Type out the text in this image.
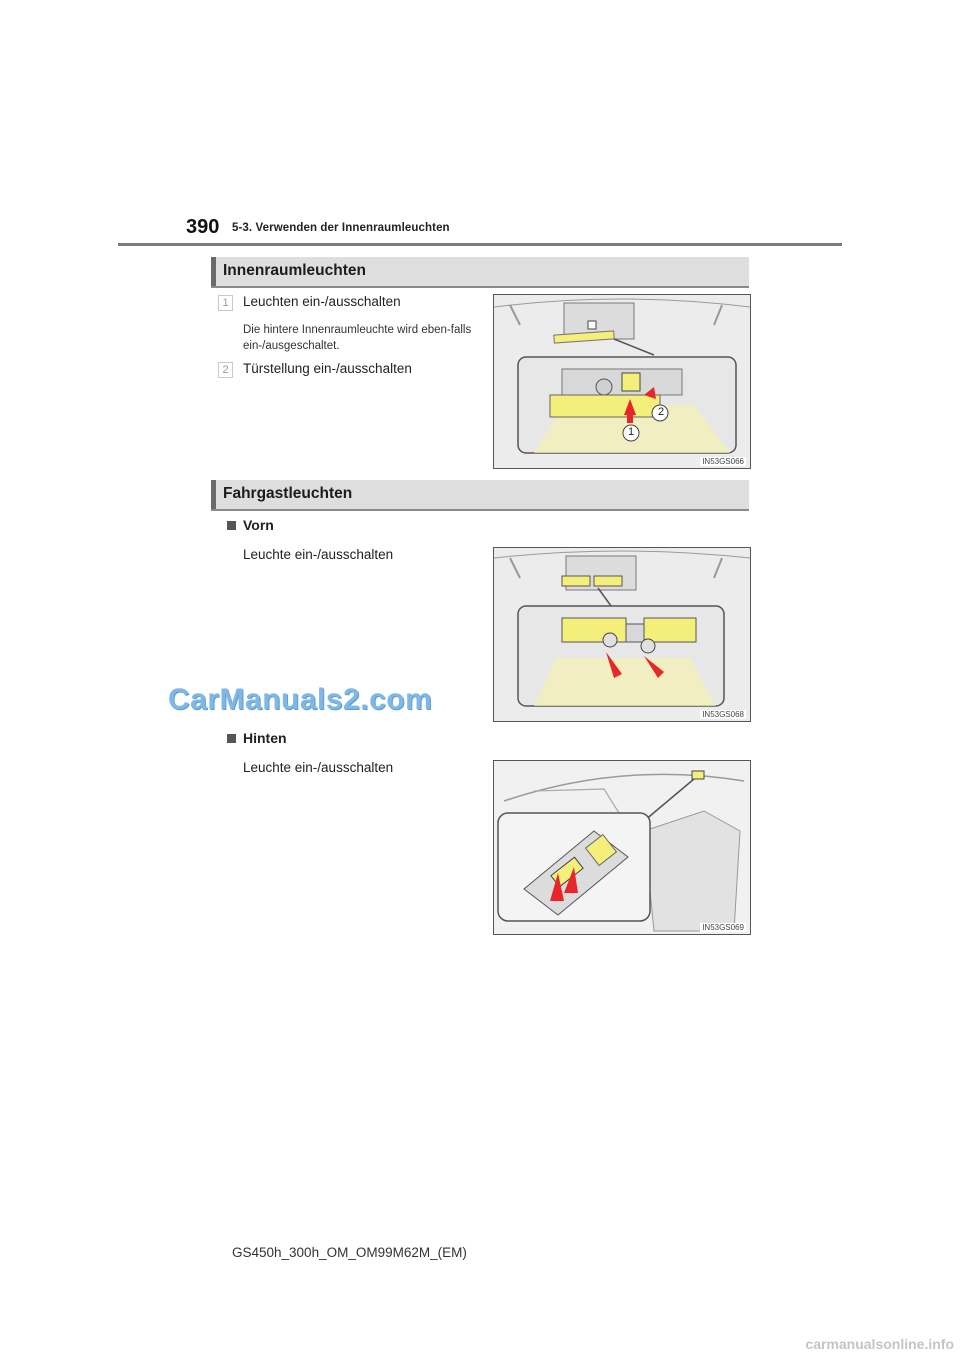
390 5-3. Verwenden der Innenraumleuchten
Innenraumleuchten
1	Leuchten ein-/ausschalten
Die hintere Innenraumleuchte wird eben-falls ein-/ausgeschaltet.
2	Türstellung ein-/ausschalten
2
1
IN53GS066
Fahrgastleuchten
Vorn
Leuchte ein-/ausschalten
IN53GS068
CarManuals2.com
Hinten
Leuchte ein-/ausschalten
IN53GS069
GS450h_300h_OM_OM99M62M_(EM)
carmanualsonline.info
